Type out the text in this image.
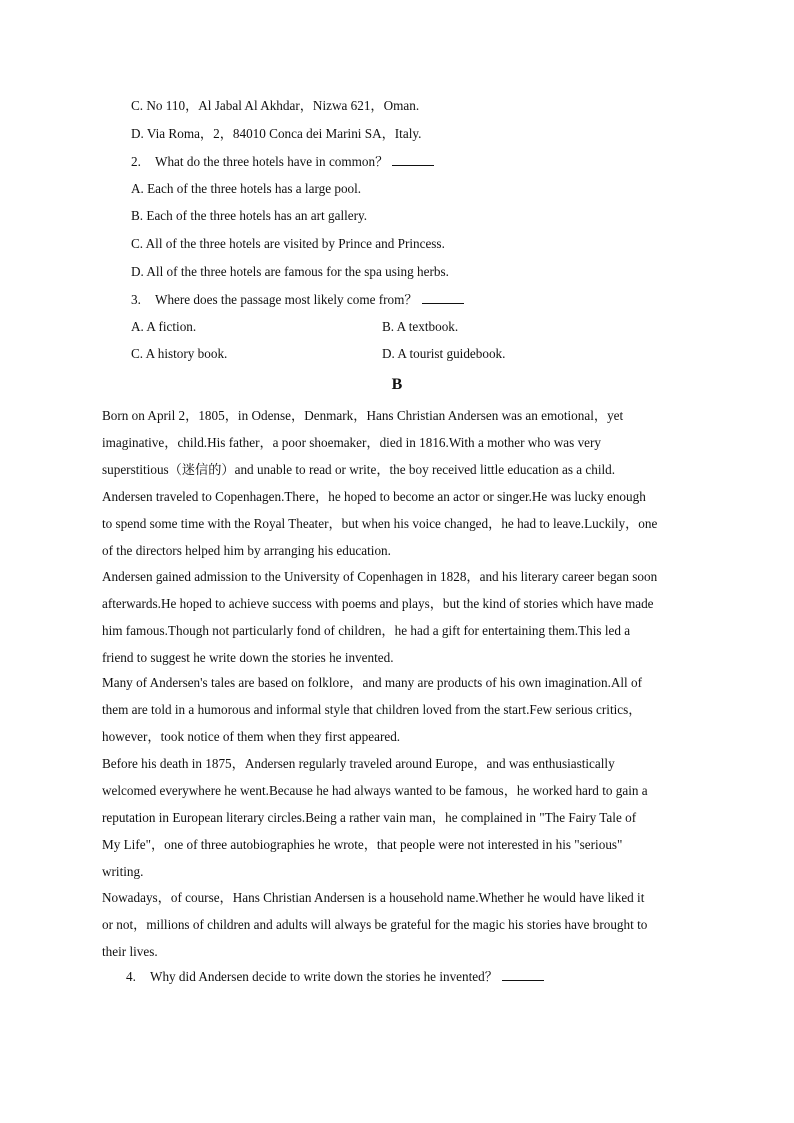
C. No 110，Al Jabal Al Akhdar，Nizwa 621，Oman.
D. Via Roma，2，84010 Conca dei Marini SA，Italy.
2. What do the three hotels have in common？
A. Each of the three hotels has a large pool.
B. Each of the three hotels has an art gallery.
C. All of the three hotels are visited by Prince and Princess.
D. All of the three hotels are famous for the spa using herbs.
3. Where does the passage most likely come from？
A. A fiction.	B. A textbook.
C. A history book.	D. A tourist guidebook.
B
Born on April 2，1805，in Odense，Denmark，Hans Christian Andersen was an emotional，yet
imaginative，child.His father，a poor shoemaker，died in 1816.With a mother who was very
superstitious（迷信的）and unable to read or write，the boy received little education as a child.
Andersen traveled to Copenhagen.There，he hoped to become an actor or singer.He was lucky enough
to spend some time with the Royal Theater，but when his voice changed，he had to leave.Luckily，one
of the directors helped him by arranging his education.
Andersen gained admission to the University of Copenhagen in 1828，and his literary career began soon
afterwards.He hoped to achieve success with poems and plays，but the kind of stories which have made
him famous.Though not particularly fond of children，he had a gift for entertaining them.This led a
friend to suggest he write down the stories he invented.
Many of Andersen's tales are based on folklore，and many are products of his own imagination.All of
them are told in a humorous and informal style that children loved from the start.Few serious critics，
however，took notice of them when they first appeared.
Before his death in 1875，Andersen regularly traveled around Europe，and was enthusiastically
welcomed everywhere he went.Because he had always wanted to be famous，he worked hard to gain a
reputation in European literary circles.Being a rather vain man，he complained in "The Fairy Tale of
My Life"，one of three autobiographies he wrote，that people were not interested in his "serious"
writing.
Nowadays，of course，Hans Christian Andersen is a household name.Whether he would have liked it
or not，millions of children and adults will always be grateful for the magic his stories have brought to
their lives.
4. Why did Andersen decide to write down the stories he invented？
